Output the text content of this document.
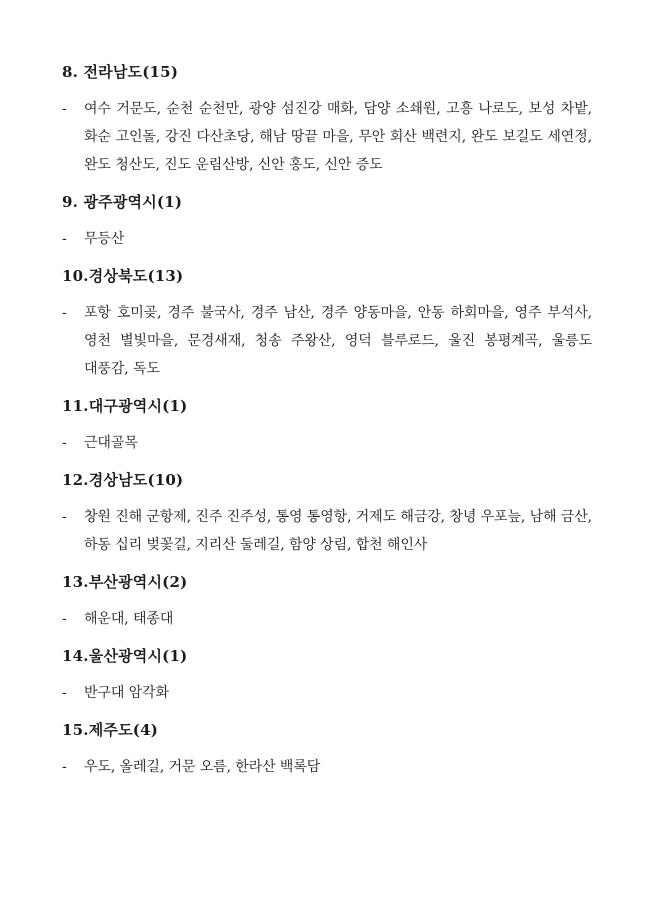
8. 전라남도(15)
-	여수 거문도, 순천 순천만, 광양 섬진강 매화, 담양 소쇄원, 고흥 나로도, 보성 차밭, 화순 고인돌, 강진 다산초당, 해남 땅끝 마을, 무안 회산 백련지, 완도 보길도 세연정, 완도 청산도, 진도 운림산방, 신안 홍도, 신안 증도
9. 광주광역시(1)
-	무등산
10.경상북도(13)
-	포항 호미곶, 경주 불국사, 경주 남산, 경주 양동마을, 안동 하회마을, 영주 부석사, 영천 별빛마을, 문경새재, 청송 주왕산, 영덕 블루로드, 울진 봉평계곡, 울릉도 대풍감, 독도
11.대구광역시(1)
-	근대골목
12.경상남도(10)
-	창원 진해 군항제, 진주 진주성, 통영 통영항, 거제도 해금강, 창녕 우포늪, 남해 금산, 하동 십리 벚꽃길, 지리산 둘레길, 함양 상림, 합천 해인사
13.부산광역시(2)
-	해운대, 태종대
14.울산광역시(1)
-	반구대 암각화
15.제주도(4)
-	우도, 올레길, 거문 오름, 한라산 백록담
